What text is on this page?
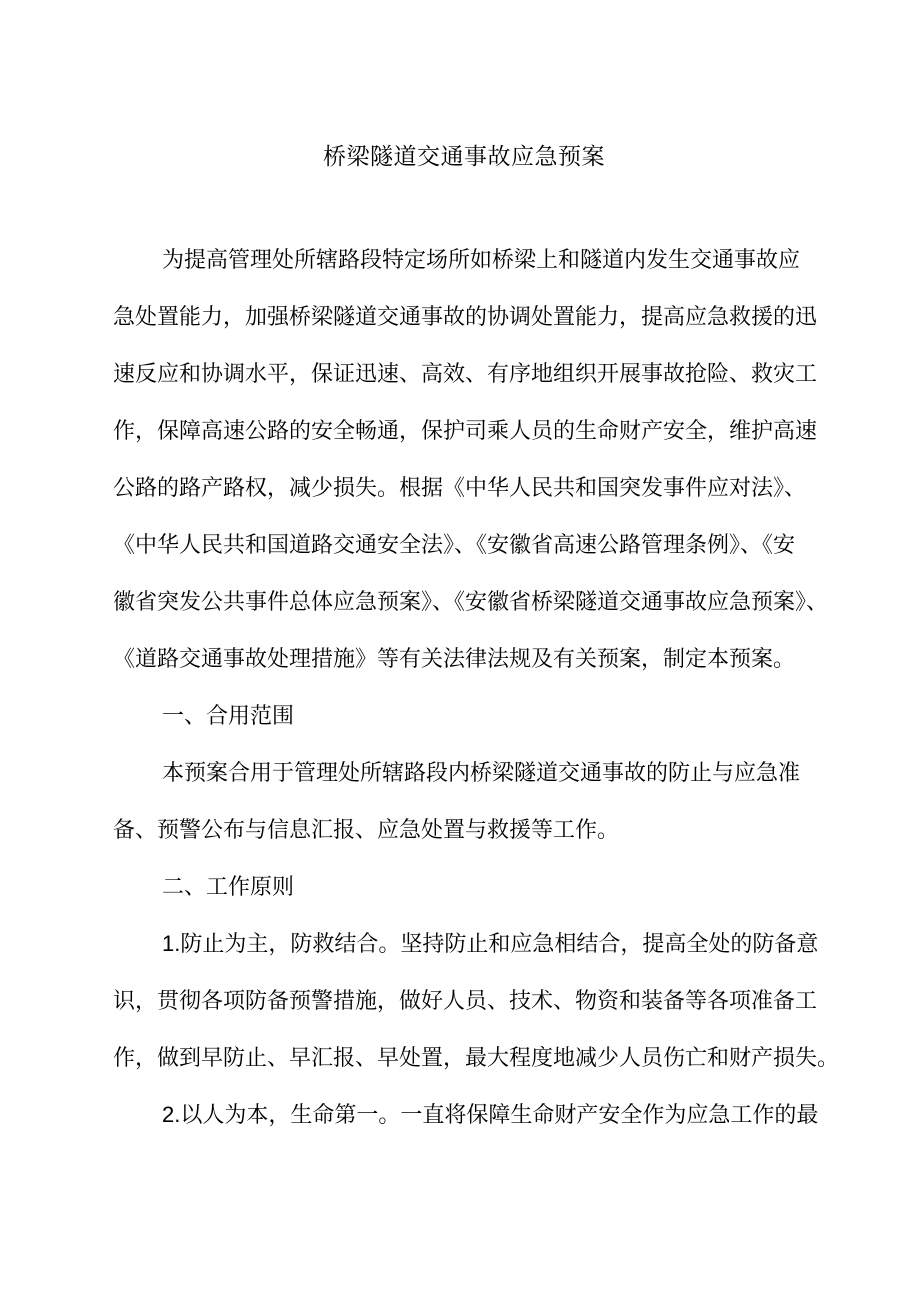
桥梁隧道交通事故应急预案
为提高管理处所辖路段特定场所如桥梁上和隧道内发生交通事故应
急处置能力，加强桥梁隧道交通事故的协调处置能力，提高应急救援的迅
速反应和协调水平，保证迅速、高效、有序地组织开展事故抢险、救灾工
作，保障高速公路的安全畅通，保护司乘人员的生命财产安全，维护高速
公路的路产路权，减少损失。根据《中华人民共和国突发事件应对法》、
《中华人民共和国道路交通安全法》、《安徽省高速公路管理条例》、《安
徽省突发公共事件总体应急预案》、《安徽省桥梁隧道交通事故应急预案》、
《道路交通事故处理措施》等有关法律法规及有关预案，制定本预案。
一、合用范围
本预案合用于管理处所辖路段内桥梁隧道交通事故的防止与应急准
备、预警公布与信息汇报、应急处置与救援等工作。
二、工作原则
1.防止为主，防救结合。坚持防止和应急相结合，提高全处的防备意
识，贯彻各项防备预警措施，做好人员、技术、物资和装备等各项准备工
作，做到早防止、早汇报、早处置，最大程度地减少人员伤亡和财产损失。
2.以人为本，生命第一。一直将保障生命财产安全作为应急工作的最
